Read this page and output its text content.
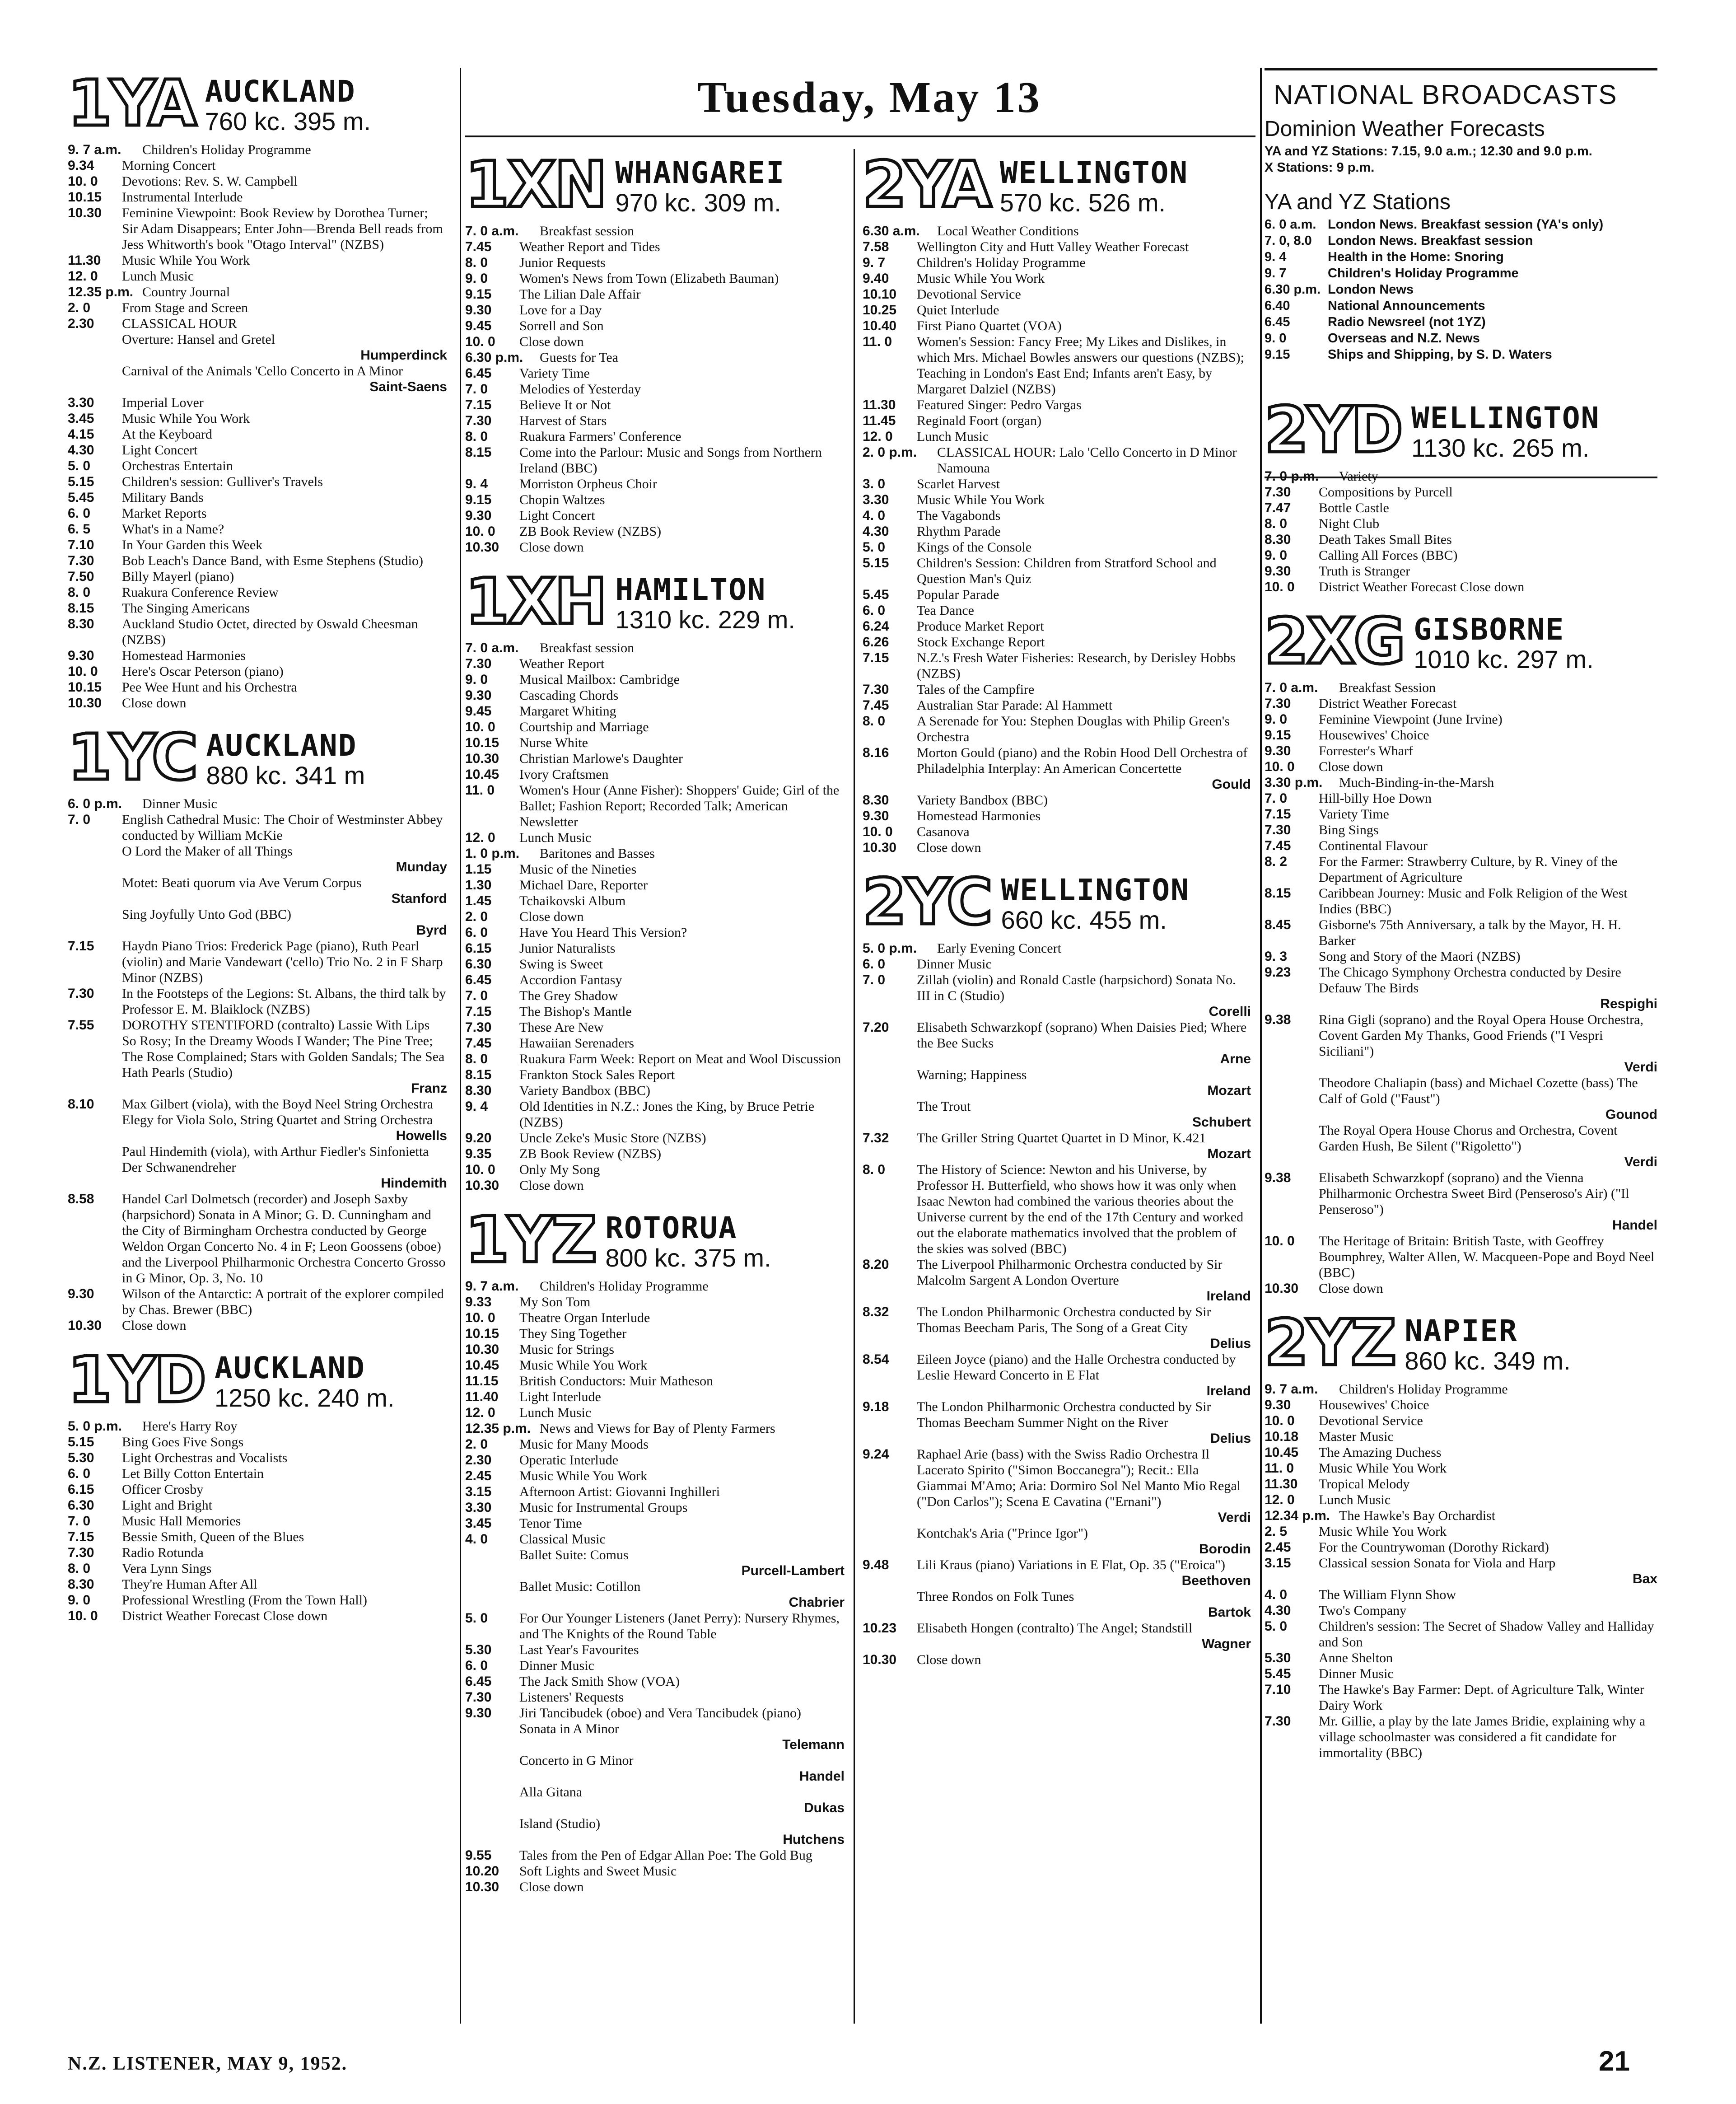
Tuesday, May 13
1YA AUCKLAND
760 kc. 395 m.
9. 7 a.m.	Children's Holiday Programme
9.34	Morning Concert
10. 0	Devotions: Rev. S. W. Campbell
10.15	Instrumental Interlude
10.30	Feminine Viewpoint: Book Review by Dorothea Turner; Sir Adam Disappears; Enter John—Brenda Bell reads from Jess Whitworth's book "Otago Interval" (NZBS)
11.30	Music While You Work
12. 0	Lunch Music
12.35 p.m. Country Journal
2. 0	From Stage and Screen
2.30	CLASSICAL HOUR
Overture: Hansel and Gretel
Humperdinck
Carnival of the Animals 'Cello Concerto in A Minor
Saint-Saens
3.30	Imperial Lover
3.45	Music While You Work
4.15	At the Keyboard
4.30	Light Concert
5. 0	Orchestras Entertain
5.15	Children's session: Gulliver's Travels
5.45	Military Bands
6. 0	Market Reports
6. 5	What's in a Name?
7.10	In Your Garden this Week
7.30	Bob Leach's Dance Band, with Esme Stephens (Studio)
7.50	Billy Mayerl (piano)
8. 0	Ruakura Conference Review
8.15	The Singing Americans
8.30	Auckland Studio Octet, directed by Oswald Cheesman (NZBS)
9.30	Homestead Harmonies
10. 0	Here's Oscar Peterson (piano)
10.15	Pee Wee Hunt and his Orchestra
10.30	Close down
1YC AUCKLAND
880 kc. 341 m
6. 0 p.m.	Dinner Music
7. 0	English Cathedral Music: The Choir of Westminster Abbey conducted by William McKie
O Lord the Maker of all Things
Munday
Motet: Beati quorum via Ave Verum Corpus
Stanford
Sing Joyfully Unto God (BBC)
Byrd
7.15	Haydn Piano Trios: Frederick Page (piano), Ruth Pearl (violin) and Marie Vandewart ('cello) Trio No. 2 in F Sharp Minor (NZBS)
7.30	In the Footsteps of the Legions: St. Albans, the third talk by Professor E. M. Blaiklock (NZBS)
7.55	DOROTHY STENTIFORD (contralto) Lassie With Lips So Rosy; In the Dreamy Woods I Wander; The Pine Tree; The Rose Complained; Stars with Golden Sandals; The Sea Hath Pearls (Studio)
Franz
8.10	Max Gilbert (viola), with the Boyd Neel String Orchestra Elegy for Viola Solo, String Quartet and String Orchestra
Howells
Paul Hindemith (viola), with Arthur Fiedler's Sinfonietta Der Schwanendreher
Hindemith
8.58	Handel Carl Dolmetsch (recorder) and Joseph Saxby (harpsichord) Sonata in A Minor; G. D. Cunningham and the City of Birmingham Orchestra conducted by George Weldon Organ Concerto No. 4 in F; Leon Goossens (oboe) and the Liverpool Philharmonic Orchestra Concerto Grosso in G Minor, Op. 3, No. 10
9.30	Wilson of the Antarctic: A portrait of the explorer compiled by Chas. Brewer (BBC)
10.30	Close down
1YD AUCKLAND
1250 kc. 240 m.
5. 0 p.m.	Here's Harry Roy
5.15	Bing Goes Five Songs
5.30	Light Orchestras and Vocalists
6. 0	Let Billy Cotton Entertain
6.15	Officer Crosby
6.30	Light and Bright
7. 0	Music Hall Memories
7.15	Bessie Smith, Queen of the Blues
7.30	Radio Rotunda
8. 0	Vera Lynn Sings
8.30	They're Human After All
9. 0	Professional Wrestling (From the Town Hall)
10. 0	District Weather Forecast Close down
1XN WHANGAREI
970 kc. 309 m.
7. 0 a.m.	Breakfast session
7.45	Weather Report and Tides
8. 0	Junior Requests
9. 0	Women's News from Town (Elizabeth Bauman)
9.15	The Lilian Dale Affair
9.30	Love for a Day
9.45	Sorrell and Son
10. 0	Close down
6.30 p.m.	Guests for Tea
6.45	Variety Time
7. 0	Melodies of Yesterday
7.15	Believe It or Not
7.30	Harvest of Stars
8. 0	Ruakura Farmers' Conference
8.15	Come into the Parlour: Music and Songs from Northern Ireland (BBC)
9. 4	Morriston Orpheus Choir
9.15	Chopin Waltzes
9.30	Light Concert
10. 0	ZB Book Review (NZBS)
10.30	Close down
1XH HAMILTON
1310 kc. 229 m.
7. 0 a.m.	Breakfast session
7.30	Weather Report
9. 0	Musical Mailbox: Cambridge
9.30	Cascading Chords
9.45	Margaret Whiting
10. 0	Courtship and Marriage
10.15	Nurse White
10.30	Christian Marlowe's Daughter
10.45	Ivory Craftsmen
11. 0	Women's Hour (Anne Fisher): Shoppers' Guide; Girl of the Ballet; Fashion Report; Recorded Talk; American Newsletter
12. 0	Lunch Music
1. 0 p.m.	Baritones and Basses
1.15	Music of the Nineties
1.30	Michael Dare, Reporter
1.45	Tchaikovski Album
2. 0	Close down
6. 0	Have You Heard This Version?
6.15	Junior Naturalists
6.30	Swing is Sweet
6.45	Accordion Fantasy
7. 0	The Grey Shadow
7.15	The Bishop's Mantle
7.30	These Are New
7.45	Hawaiian Serenaders
8. 0	Ruakura Farm Week: Report on Meat and Wool Discussion
8.15	Frankton Stock Sales Report
8.30	Variety Bandbox (BBC)
9. 4	Old Identities in N.Z.: Jones the King, by Bruce Petrie (NZBS)
9.20	Uncle Zeke's Music Store (NZBS)
9.35	ZB Book Review (NZBS)
10. 0	Only My Song
10.30	Close down
1YZ ROTORUA
800 kc. 375 m.
9. 7 a.m.	Children's Holiday Programme
9.33	My Son Tom
10. 0	Theatre Organ Interlude
10.15	They Sing Together
10.30	Music for Strings
10.45	Music While You Work
11.15	British Conductors: Muir Matheson
11.40	Light Interlude
12. 0	Lunch Music
12.35 p.m. News and Views for Bay of Plenty Farmers
2. 0	Music for Many Moods
2.30	Operatic Interlude
2.45	Music While You Work
3.15	Afternoon Artist: Giovanni Inghilleri
3.30	Music for Instrumental Groups
3.45	Tenor Time
4. 0	Classical Music
Ballet Suite: Comus
Purcell-Lambert
Ballet Music: Cotillon
Chabrier
5. 0	For Our Younger Listeners (Janet Perry): Nursery Rhymes, and The Knights of the Round Table
5.30	Last Year's Favourites
6. 0	Dinner Music
6.45	The Jack Smith Show (VOA)
7.30	Listeners' Requests
9.30	Jiri Tancibudek (oboe) and Vera Tancibudek (piano)
Sonata in A Minor
Telemann
Concerto in G Minor
Handel
Alla Gitana
Dukas
Island (Studio)
Hutchens
9.55	Tales from the Pen of Edgar Allan Poe: The Gold Bug
10.20	Soft Lights and Sweet Music
10.30	Close down
2YA WELLINGTON
570 kc. 526 m.
6.30 a.m.	Local Weather Conditions
7.58	Wellington City and Hutt Valley Weather Forecast
9. 7	Children's Holiday Programme
9.40	Music While You Work
10.10	Devotional Service
10.25	Quiet Interlude
10.40	First Piano Quartet (VOA)
11. 0	Women's Session: Fancy Free; My Likes and Dislikes, in which Mrs. Michael Bowles answers our questions (NZBS); Teaching in London's East End; Infants aren't Easy, by Margaret Dalziel (NZBS)
11.30	Featured Singer: Pedro Vargas
11.45	Reginald Foort (organ)
12. 0	Lunch Music
2. 0 p.m.	CLASSICAL HOUR: Lalo 'Cello Concerto in D Minor Namouna
3. 0	Scarlet Harvest
3.30	Music While You Work
4. 0	The Vagabonds
4.30	Rhythm Parade
5. 0	Kings of the Console
5.15	Children's Session: Children from Stratford School and Question Man's Quiz
5.45	Popular Parade
6. 0	Tea Dance
6.24	Produce Market Report
6.26	Stock Exchange Report
7.15	N.Z.'s Fresh Water Fisheries: Research, by Derisley Hobbs (NZBS)
7.30	Tales of the Campfire
7.45	Australian Star Parade: Al Hammett
8. 0	A Serenade for You: Stephen Douglas with Philip Green's Orchestra
8.16	Morton Gould (piano) and the Robin Hood Dell Orchestra of Philadelphia Interplay: An American Concertette
Gould
8.30	Variety Bandbox (BBC)
9.30	Homestead Harmonies
10. 0	Casanova
10.30	Close down
2YC WELLINGTON
660 kc. 455 m.
5. 0 p.m.	Early Evening Concert
6. 0	Dinner Music
7. 0	Zillah (violin) and Ronald Castle (harpsichord) Sonata No. III in C (Studio)
Corelli
7.20	Elisabeth Schwarzkopf (soprano) When Daisies Pied; Where the Bee Sucks
Arne
Warning; Happiness
Mozart
The Trout
Schubert
7.32	The Griller String Quartet Quartet in D Minor, K.421
Mozart
8. 0	The History of Science: Newton and his Universe, by Professor H. Butterfield, who shows how it was only when Isaac Newton had combined the various theories about the Universe current by the end of the 17th Century and worked out the elaborate mathematics involved that the problem of the skies was solved (BBC)
8.20	The Liverpool Philharmonic Orchestra conducted by Sir Malcolm Sargent A London Overture
Ireland
8.32	The London Philharmonic Orchestra conducted by Sir Thomas Beecham Paris, The Song of a Great City
Delius
8.54	Eileen Joyce (piano) and the Halle Orchestra conducted by Leslie Heward Concerto in E Flat
Ireland
9.18	The London Philharmonic Orchestra conducted by Sir Thomas Beecham Summer Night on the River
Delius
9.24	Raphael Arie (bass) with the Swiss Radio Orchestra Il Lacerato Spirito ("Simon Boccanegra"); Recit.: Ella Giammai M'Amo; Aria: Dormiro Sol Nel Manto Mio Regal ("Don Carlos"); Scena E Cavatina ("Ernani")
Verdi
Kontchak's Aria ("Prince Igor")
Borodin
9.48	Lili Kraus (piano) Variations in E Flat, Op. 35 ("Eroica")
Beethoven
Three Rondos on Folk Tunes
Bartok
10.23	Elisabeth Hongen (contralto) The Angel; Standstill
Wagner
10.30	Close down
NATIONAL BROADCASTS
Dominion Weather Forecasts
YA and YZ Stations: 7.15, 9.0 a.m.; 12.30 and 9.0 p.m.
X Stations: 9 p.m.
YA and YZ Stations
6. 0 a.m. London News. Breakfast session (YA's only)
7. 0, 8.0	London News. Breakfast session
9. 4	Health in the Home: Snoring
9. 7	Children's Holiday Programme
6.30 p.m. London News
6.40	National Announcements
6.45	Radio Newsreel (not 1YZ)
9. 0	Overseas and N.Z. News
9.15	Ships and Shipping, by S. D. Waters
2YD WELLINGTON
1130 kc. 265 m.
7. 0 p.m.	Variety
7.30	Compositions by Purcell
7.47	Bottle Castle
8. 0	Night Club
8.30	Death Takes Small Bites
9. 0	Calling All Forces (BBC)
9.30	Truth is Stranger
10. 0	District Weather Forecast Close down
2XG GISBORNE
1010 kc. 297 m.
7. 0 a.m.	Breakfast Session
7.30	District Weather Forecast
9. 0	Feminine Viewpoint (June Irvine)
9.15	Housewives' Choice
9.30	Forrester's Wharf
10. 0	Close down
3.30 p.m.	Much-Binding-in-the-Marsh
7. 0	Hill-billy Hoe Down
7.15	Variety Time
7.30	Bing Sings
7.45	Continental Flavour
8. 2	For the Farmer: Strawberry Culture, by R. Viney of the Department of Agriculture
8.15	Caribbean Journey: Music and Folk Religion of the West Indies (BBC)
8.45	Gisborne's 75th Anniversary, a talk by the Mayor, H. H. Barker
9. 3	Song and Story of the Maori (NZBS)
9.23	The Chicago Symphony Orchestra conducted by Desire Defauw The Birds
Respighi
9.38	Rina Gigli (soprano) and the Royal Opera House Orchestra, Covent Garden My Thanks, Good Friends ("I Vespri Siciliani")
Verdi
Theodore Chaliapin (bass) and Michael Cozette (bass) The Calf of Gold ("Faust")
Gounod
The Royal Opera House Chorus and Orchestra, Covent Garden Hush, Be Silent ("Rigoletto")
Verdi
9.38	Elisabeth Schwarzkopf (soprano) and the Vienna Philharmonic Orchestra Sweet Bird (Penseroso's Air) ("Il Penseroso")
Handel
10. 0	The Heritage of Britain: British Taste, with Geoffrey Boumphrey, Walter Allen, W. Macqueen-Pope and Boyd Neel (BBC)
10.30	Close down
2YZ NAPIER
860 kc. 349 m.
9. 7 a.m.	Children's Holiday Programme
9.30	Housewives' Choice
10. 0	Devotional Service
10.18	Master Music
10.45	The Amazing Duchess
11. 0	Music While You Work
11.30	Tropical Melody
12. 0	Lunch Music
12.34 p.m. The Hawke's Bay Orchardist
2. 5	Music While You Work
2.45	For the Countrywoman (Dorothy Rickard)
3.15	Classical session Sonata for Viola and Harp
Bax
4. 0	The William Flynn Show
4.30	Two's Company
5. 0	Children's session: The Secret of Shadow Valley and Halliday and Son
5.30	Anne Shelton
5.45	Dinner Music
7.10	The Hawke's Bay Farmer: Dept. of Agriculture Talk, Winter Dairy Work
7.30	Mr. Gillie, a play by the late James Bridie, explaining why a village schoolmaster was considered a fit candidate for immortality (BBC)
N.Z. LISTENER, MAY 9, 1952.	21
